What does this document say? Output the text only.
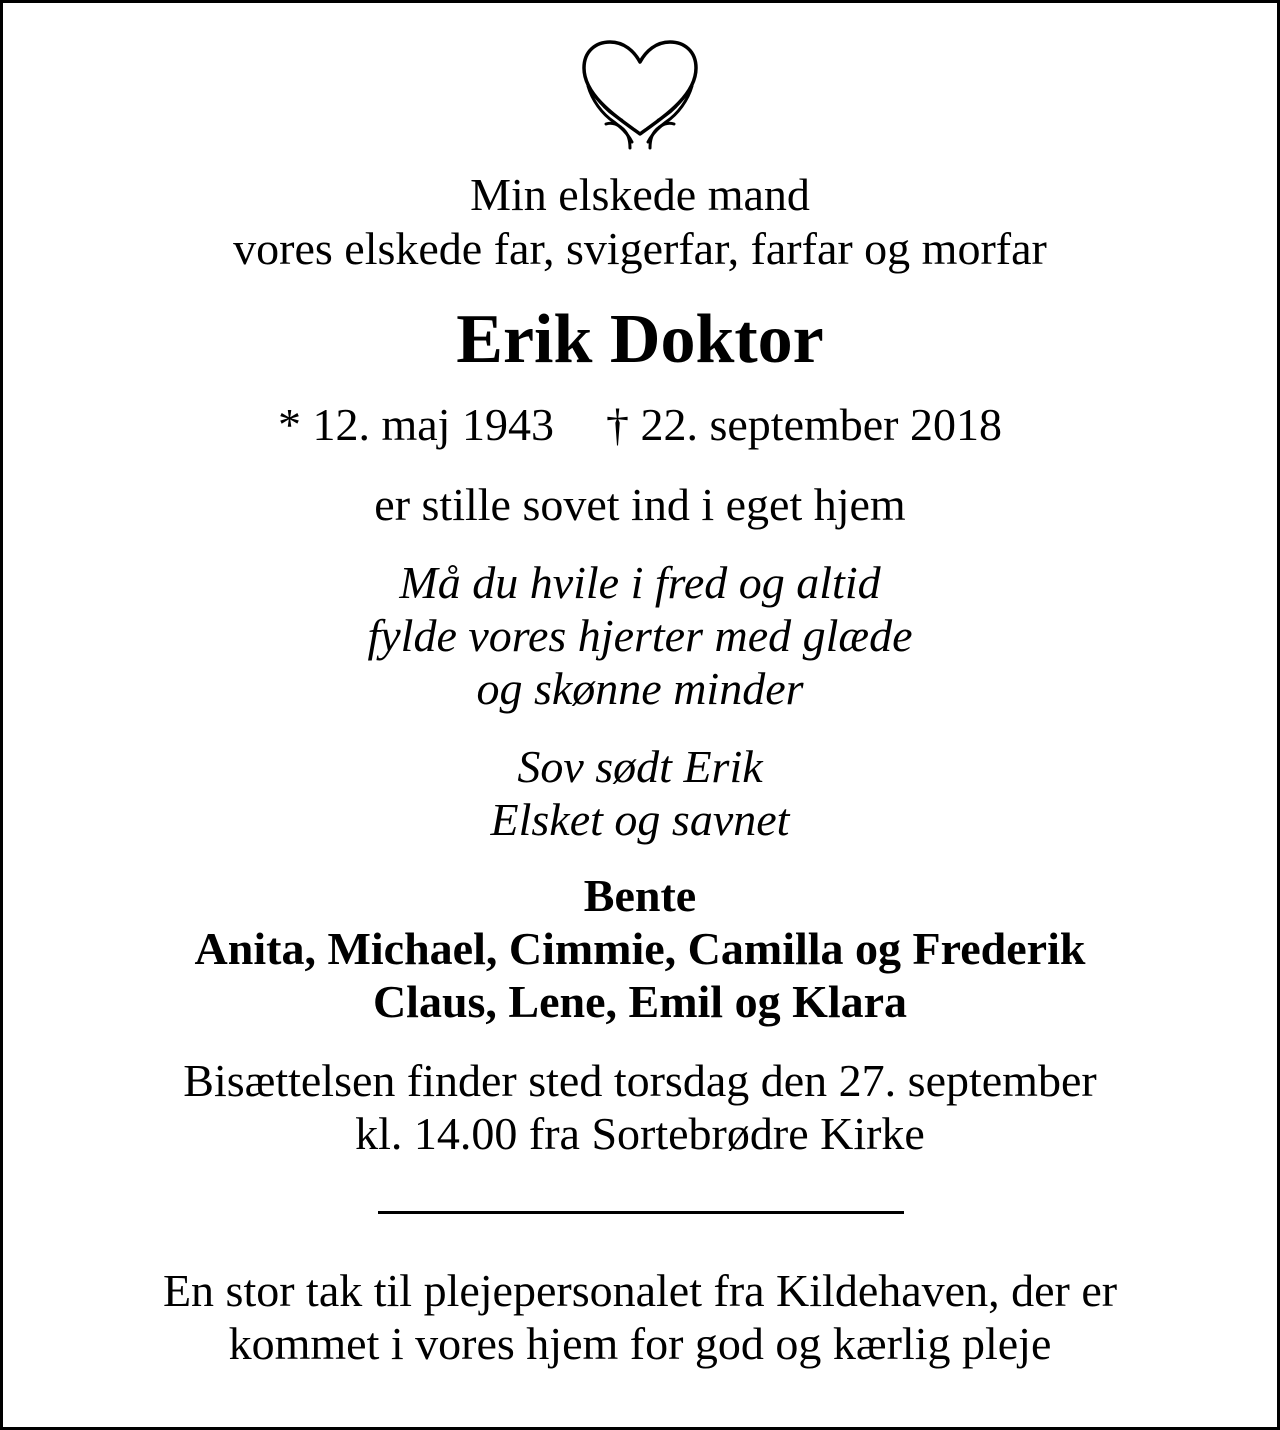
Min elskede mand
vores elskede far, svigerfar, farfar og morfar
Erik Doktor
* 12. maj 1943 † 22. september 2018
er stille sovet ind i eget hjem
Må du hvile i fred og altid
fylde vores hjerter med glæde
og skønne minder
Sov sødt Erik
Elsket og savnet
Bente
Anita, Michael, Cimmie, Camilla og Frederik
Claus, Lene, Emil og Klara
Bisættelsen finder sted torsdag den 27. september
kl. 14.00 fra Sortebrødre Kirke
En stor tak til plejepersonalet fra Kildehaven, der er
kommet i vores hjem for god og kærlig pleje
